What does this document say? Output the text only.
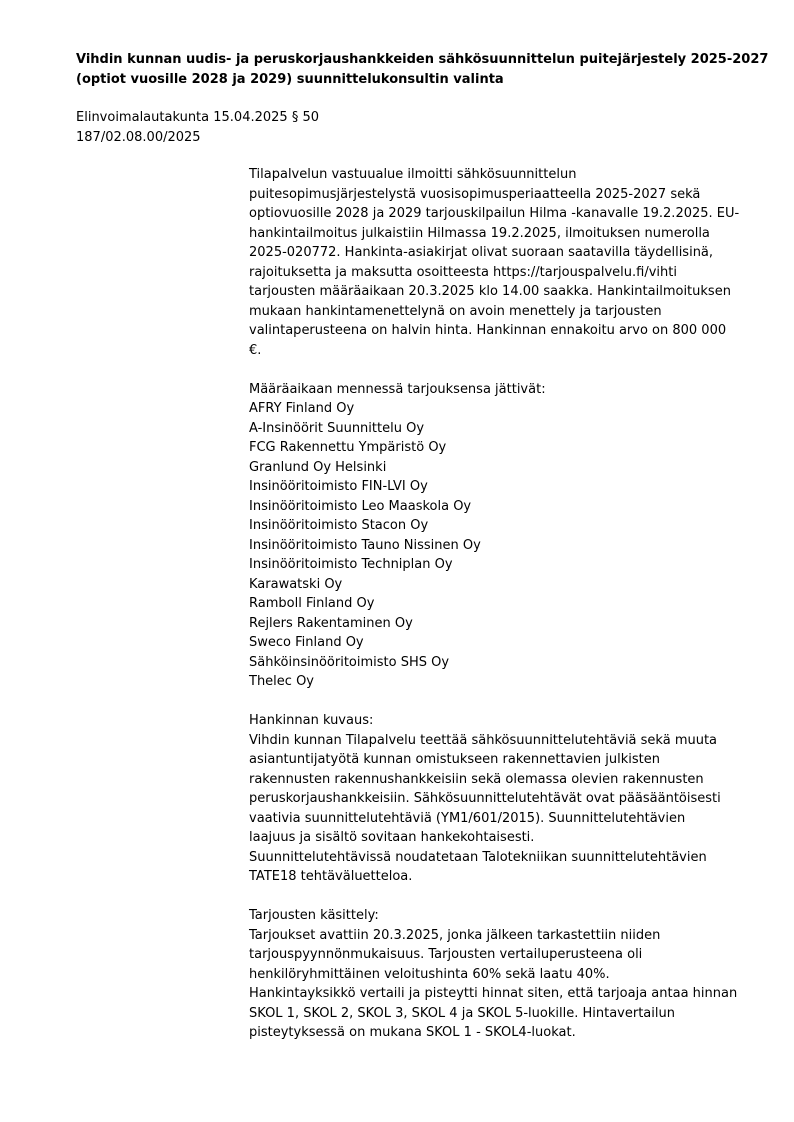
Vihdin kunnan uudis- ja peruskorjaushankkeiden sähkösuunnittelun puitejärjestely 2025-2027
(optiot vuosille 2028 ja 2029) suunnittelukonsultin valinta
Elinvoimalautakunta 15.04.2025 § 50
187/02.08.00/2025
Tilapalvelun vastuualue ilmoitti sähkösuunnittelun
puitesopimusjärjestelystä vuosisopimusperiaatteella 2025-2027 sekä
optiovuosille 2028 ja 2029 tarjouskilpailun Hilma -kanavalle 19.2.2025. EU-
hankintailmoitus julkaistiin Hilmassa 19.2.2025, ilmoituksen numerolla
2025-020772. Hankinta-asiakirjat olivat suoraan saatavilla täydellisinä,
rajoituksetta ja maksutta osoitteesta https://tarjouspalvelu.fi/vihti
tarjousten määräaikaan 20.3.2025 klo 14.00 saakka. Hankintailmoituksen
mukaan hankintamenettelynä on avoin menettely ja tarjousten
valintaperusteena on halvin hinta. Hankinnan ennakoitu arvo on 800 000
€.
Määräaikaan mennessä tarjouksensa jättivät:
AFRY Finland Oy
A-Insinöörit Suunnittelu Oy
FCG Rakennettu Ympäristö Oy
Granlund Oy Helsinki
Insinööritoimisto FIN-LVI Oy
Insinööritoimisto Leo Maaskola Oy
Insinööritoimisto Stacon Oy
Insinööritoimisto Tauno Nissinen Oy
Insinööritoimisto Techniplan Oy
Karawatski Oy
Ramboll Finland Oy
Rejlers Rakentaminen Oy
Sweco Finland Oy
Sähköinsinööritoimisto SHS Oy
Thelec Oy
Hankinnan kuvaus:
Vihdin kunnan Tilapalvelu teettää sähkösuunnittelutehtäviä sekä muuta
asiantuntijatyötä kunnan omistukseen rakennettavien julkisten
rakennusten rakennushankkeisiin sekä olemassa olevien rakennusten
peruskorjaushankkeisiin. Sähkösuunnittelutehtävät ovat pääsääntöisesti
vaativia suunnittelutehtäviä (YM1/601/2015). Suunnittelutehtävien
laajuus ja sisältö sovitaan hankekohtaisesti.
Suunnittelutehtävissä noudatetaan Talotekniikan suunnittelutehtävien
TATE18 tehtäväluetteloa.
Tarjousten käsittely:
Tarjoukset avattiin 20.3.2025, jonka jälkeen tarkastettiin niiden
tarjouspyynnönmukaisuus. Tarjousten vertailuperusteena oli
henkilöryhmittäinen veloitushinta 60% sekä laatu 40%.
Hankintayksikkö vertaili ja pisteytti hinnat siten, että tarjoaja antaa hinnan
SKOL 1, SKOL 2, SKOL 3, SKOL 4 ja SKOL 5-luokille. Hintavertailun
pisteytyksessä on mukana SKOL 1 - SKOL4-luokat.
